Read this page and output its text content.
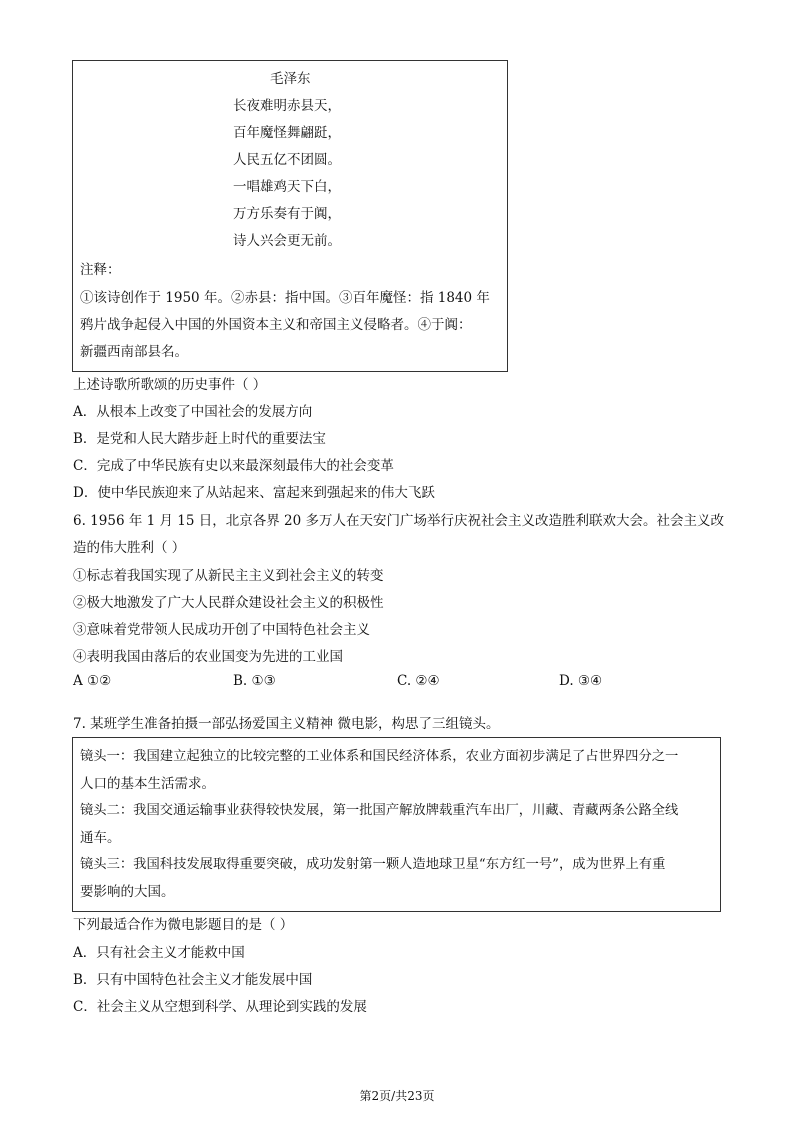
毛泽东
长夜难明赤县天，
百年魔怪舞翩跹，
人民五亿不团圆。
一唱雄鸡天下白，
万方乐奏有于阗，
诗人兴会更无前。
注释：
①该诗创作于 1950 年。②赤县：指中国。③百年魔怪：指 1840 年
鸦片战争起侵入中国的外国资本主义和帝国主义侵略者。④于阗：
新疆西南部县名。
上述诗歌所歌颂的历史事件（ ）
A．从根本上改变了中国社会的发展方向
B．是党和人民大踏步赶上时代的重要法宝
C．完成了中华民族有史以来最深刻最伟大的社会变革
D．使中华民族迎来了从站起来、富起来到强起来的伟大飞跃
6. 1956 年 1 月 15 日，北京各界 20 多万人在天安门广场举行庆祝社会主义改造胜利联欢大会。社会主义改
造的伟大胜利（ ）
①标志着我国实现了从新民主主义到社会主义的转变
②极大地激发了广大人民群众建设社会主义的积极性
③意味着党带领人民成功开创了中国特色社会主义
④表明我国由落后的农业国变为先进的工业国
A ①②	B. ①③	C. ②④	D. ③④
7. 某班学生准备拍摄一部弘扬爱国主义精神 微电影，构思了三组镜头。
镜头一：我国建立起独立的比较完整的工业体系和国民经济体系，农业方面初步满足了占世界四分之一
人口的基本生活需求。
镜头二：我国交通运输事业获得较快发展，第一批国产解放牌载重汽车出厂，川藏、青藏两条公路全线
通车。
镜头三：我国科技发展取得重要突破，成功发射第一颗人造地球卫星“东方红一号”，成为世界上有重
要影响的大国。
下列最适合作为微电影题目的是（ ）
A．只有社会主义才能救中国
B．只有中国特色社会主义才能发展中国
C．社会主义从空想到科学、从理论到实践的发展
第2页/共23页
